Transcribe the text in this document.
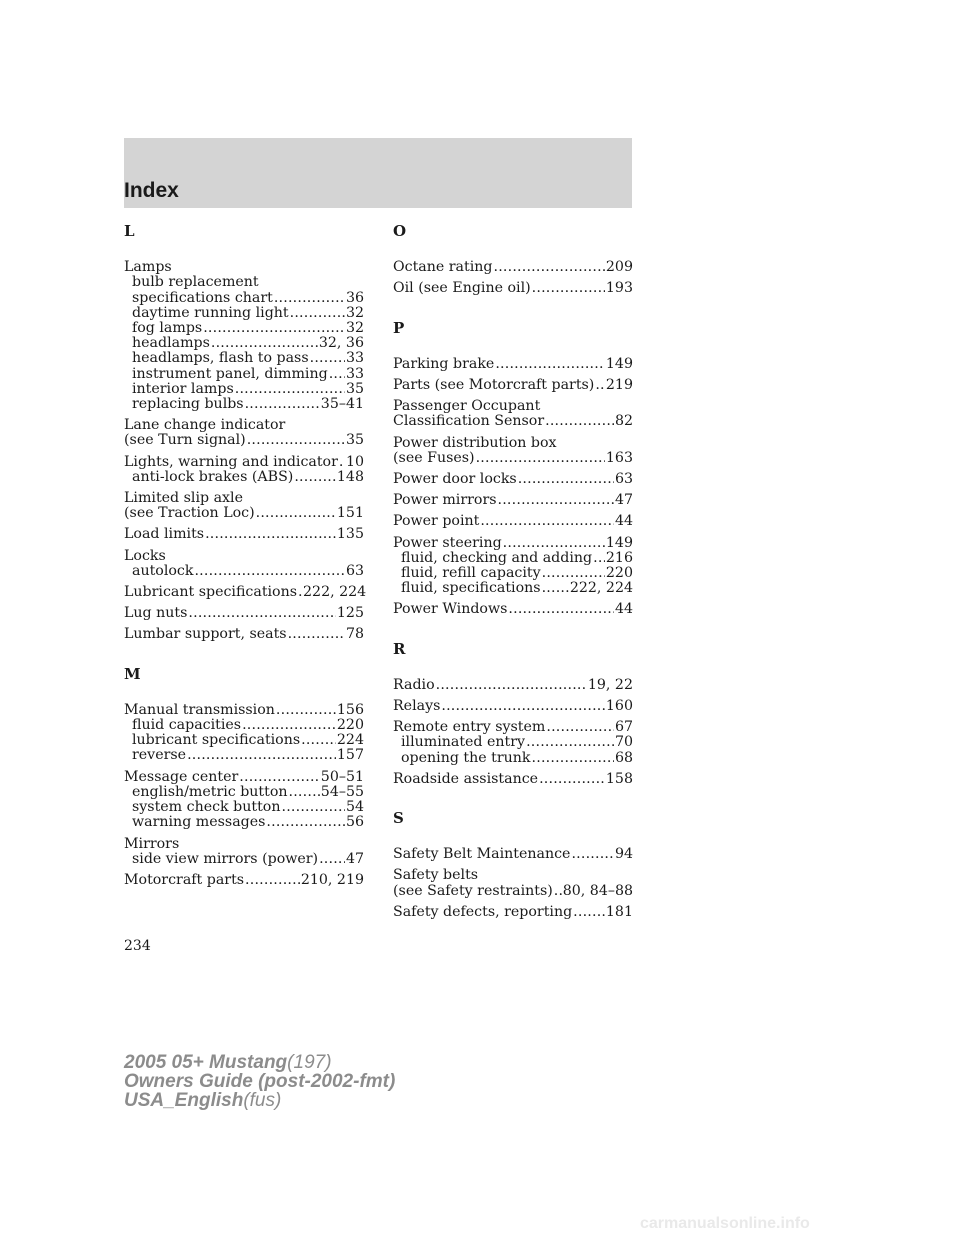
Index
L
Lamps
bulb replacement
specifications chart .....	36
daytime running light .....	32
fog lamps .....	32
headlamps .....	32, 36
headlamps, flash to pass .....	33
instrument panel, dimming ..... 33
interior lamps .....	35
replacing bulbs .....	35–41
Lane change indicator
(see Turn signal) .....	35
Lights, warning and indicator ..... 10
anti-lock brakes (ABS) .....	148
Limited slip axle
(see Traction Loc) .....	151
Load limits .....	135
Locks
autolock .....	63
Lubricant specifications ..... 222, 224
Lug nuts .....	125
Lumbar support, seats .....	78
M
Manual transmission .....	156
fluid capacities .....	220
lubricant specifications .....	224
reverse .....	157
Message center .....	50–51
english/metric button ..... 54–55
system check button .....	54
warning messages .....	56
Mirrors
side view mirrors (power) ..... 47
Motorcraft parts .....	210, 219
O
Octane rating .....	209
Oil (see Engine oil) .....	193
P
Parking brake .....	149
Parts (see Motorcraft parts) ..... 219
Passenger Occupant
Classification Sensor .....	82
Power distribution box
(see Fuses) .....	163
Power door locks .....	63
Power mirrors .....	47
Power point .....	44
Power steering .....	149
fluid, checking and adding ..... 216
fluid, refill capacity .....	220
fluid, specifications ..... 222, 224
Power Windows .....	44
R
Radio .....	19, 22
Relays .....	160
Remote entry system .....	67
illuminated entry .....	70
opening the trunk .....	68
Roadside assistance .....	158
S
Safety Belt Maintenance .....	94
Safety belts
(see Safety restraints) ..... 80, 84–88
Safety defects, reporting ..... 181
234
2005 05+ Mustang(197)
Owners Guide (post-2002-fmt)
USA_English(fus)
carmanualsonline.info
